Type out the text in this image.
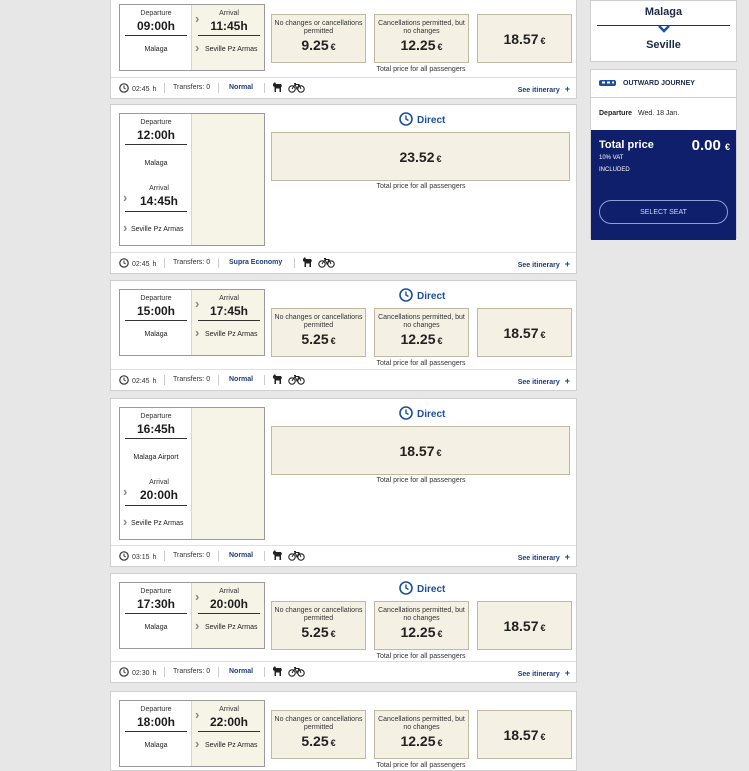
Departure
09:00h
Malaga
›	Arrival
11:45h
› Seville Pz Armas
No changes or cancellations permitted
9.25 €
Cancellations permitted, but no changes
12.25 €	18.57 €
Total price for all passengers
02:45 h Transfers: 0	Normal	See itinerary +
Departure
12:00h
Malaga
›
Arrival
14:45h
› Seville Pz Armas
Direct
23.52 €
Total price for all passengers
02:45 h Transfers: 0	Supra Economy	See itinerary +
Departure
15:00h
Malaga
›	Arrival
17:45h
› Seville Pz Armas
Direct
No changes or cancellations permitted
5.25 €
Cancellations permitted, but no changes
12.25 €	18.57 €
Total price for all passengers
02:45 h Transfers: 0	Normal	See itinerary +
Departure
16:45h
Malaga Airport
›
Arrival
20:00h
› Seville Pz Armas
Direct
18.57 €
Total price for all passengers
03:15 h Transfers: 0	Normal	See itinerary +
Departure
17:30h
Malaga
›	Arrival
20:00h
› Seville Pz Armas
Direct
No changes or cancellations permitted
5.25 €
Cancellations permitted, but no changes
12.25 €	18.57 €
Total price for all passengers
02:30 h Transfers: 0	Normal	See itinerary +
Departure
18:00h
Malaga
›	Arrival
22:00h
› Seville Pz Armas
No changes or cancellations permitted
5.25 €
Cancellations permitted, but no changes
12.25 €	18.57 €
Total price for all passengers
Malaga
Seville
OUTWARD JOURNEY
Departure Wed. 18 Jan.
Total price	0.00 €
10% VAT
INCLUDED
SELECT SEAT
